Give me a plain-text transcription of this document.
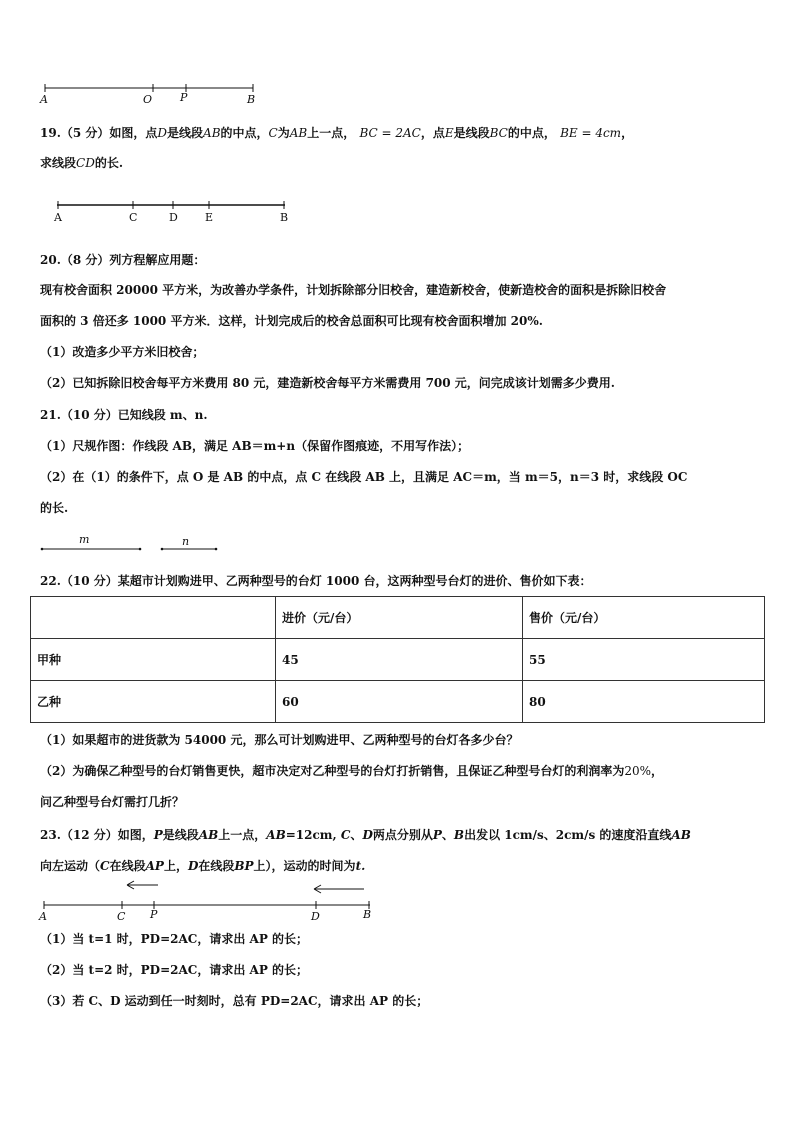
A	O	P	B
19.（5 分）如图，点D是线段AB的中点，C为AB上一点， BC = 2AC，点E是线段BC的中点， BE = 4cm，
求线段CD的长.
A	C	D E	B
20.（8 分）列方程解应用题：
现有校舍面积 20000 平方米，为改善办学条件，计划拆除部分旧校舍，建造新校舍，使新造校舍的面积是拆除旧校舍
面积的 3 倍还多 1000 平方米．这样，计划完成后的校舍总面积可比现有校舍面积增加 20%.
（1）改造多少平方米旧校舍；
（2）已知拆除旧校舍每平方米费用 80 元，建造新校舍每平方米需费用 700 元，问完成该计划需多少费用.
21.（10 分）已知线段 m、n.
（1）尺规作图：作线段 AB，满足 AB＝m+n（保留作图痕迹，不用写作法）；
（2）在（1）的条件下，点 O 是 AB 的中点，点 C 在线段 AB 上，且满足 AC＝m，当 m＝5，n＝3 时，求线段 OC
的长.
m	n
22.（10 分）某超市计划购进甲、乙两种型号的台灯 1000 台，这两种型号台灯的进价、售价如下表：
	进价（元/台）	售价（元/台）
甲种	45	55
乙种	60	80
（1）如果超市的进货款为 54000 元，那么可计划购进甲、乙两种型号的台灯各多少台？
（2）为确保乙种型号的台灯销售更快，超市决定对乙种型号的台灯打折销售，且保证乙种型号台灯的利润率为20%，
问乙种型号台灯需打几折？
23.（12 分）如图，P是线段AB上一点，AB=12cm, C、D两点分别从P、B出发以 1cm/s、2cm/s 的速度沿直线AB
向左运动（C在线段AP上，D在线段BP上），运动的时间为t.
A	C P	D	B
（1）当 t=1 时，PD=2AC，请求出 AP 的长；
（2）当 t=2 时，PD=2AC，请求出 AP 的长；
（3）若 C、D 运动到任一时刻时，总有 PD=2AC，请求出 AP 的长；
